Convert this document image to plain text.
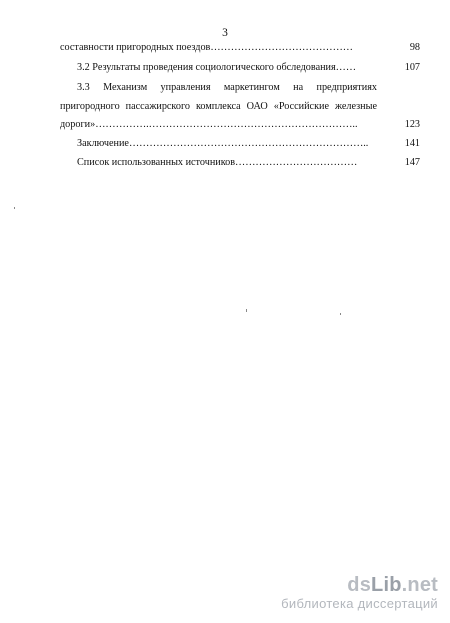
3
составности пригородных поездов……………………………………	98
3.2 Результаты проведения социологического обследования……	107
3.3 Механизм управления маркетингом на предприятиях
пригородного пассажирского комплекса ОАО «Российские железные
дороги»…………….……………………………………………………..	123
Заключение……………………………………………………………..	141
Список использованных источников………………………………	147
dsLib.net
библиотека диссертаций
